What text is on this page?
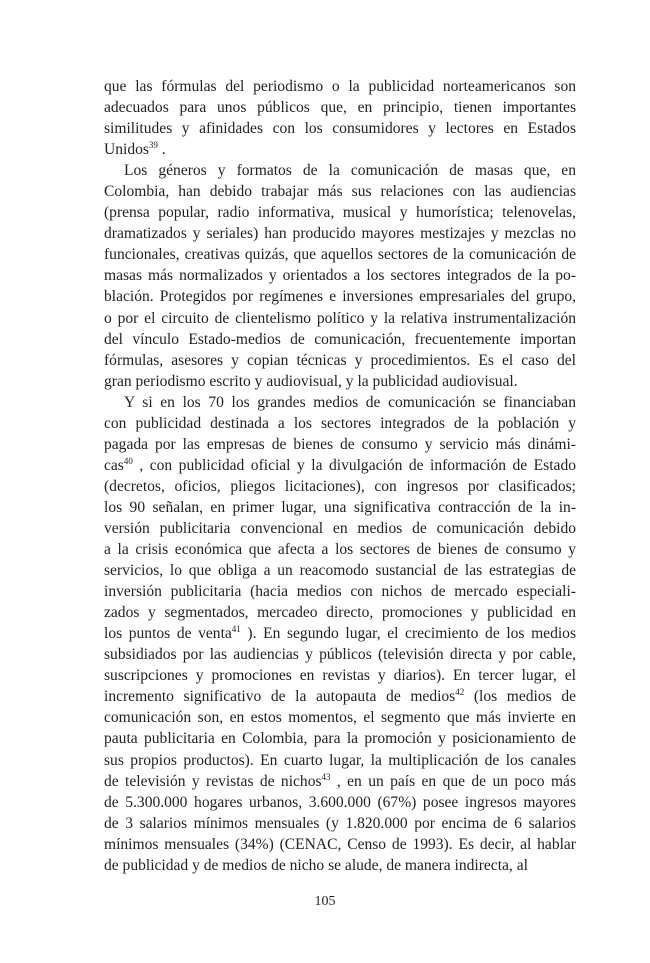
que las fórmulas del periodismo o la publicidad norteamericanos son
adecuados para unos públicos que, en principio, tienen importantes
similitudes y afinidades con los consumidores y lectores en Estados
Unidos$^{39}$ .
Los géneros y formatos de la comunicación de masas que, en
Colombia, han debido trabajar más sus relaciones con las audiencias
(prensa popular, radio informativa, musical y humorística; telenovelas,
dramatizados y seriales) han producido mayores mestizajes y mezclas no
funcionales, creativas quizás, que aquellos sectores de la comunicación de
masas más normalizados y orientados a los sectores integrados de la po-
blación. Protegidos por regímenes e inversiones empresariales del grupo,
o por el circuito de clientelismo político y la relativa instrumentalización
del vínculo Estado-medios de comunicación, frecuentemente importan
fórmulas, asesores y copian técnicas y procedimientos. Es el caso del
gran periodismo escrito y audiovisual, y la publicidad audiovisual.
Y si en los 70 los grandes medios de comunicación se financiaban
con publicidad destinada a los sectores integrados de la población y
pagada por las empresas de bienes de consumo y servicio más dinámi-
cas$^{40}$ , con publicidad oficial y la divulgación de información de Estado
(decretos, oficios, pliegos licitaciones), con ingresos por clasificados;
los 90 señalan, en primer lugar, una significativa contracción de la in-
versión publicitaria convencional en medios de comunicación debido
a la crisis económica que afecta a los sectores de bienes de consumo y
servicios, lo que obliga a un reacomodo sustancial de las estrategias de
inversión publicitaria (hacia medios con nichos de mercado especiali-
zados y segmentados, mercadeo directo, promociones y publicidad en
los puntos de venta$^{41}$ ). En segundo lugar, el crecimiento de los medios
subsidiados por las audiencias y públicos (televisión directa y por cable,
suscripciones y promociones en revistas y diarios). En tercer lugar, el
incremento significativo de la autopauta de medios$^{42}$ (los medios de
comunicación son, en estos momentos, el segmento que más invierte en
pauta publicitaria en Colombia, para la promoción y posicionamiento de
sus propios productos). En cuarto lugar, la multiplicación de los canales
de televisión y revistas de nichos$^{43}$ , en un país en que de un poco más
de 5.300.000 hogares urbanos, 3.600.000 (67%) posee ingresos mayores
de 3 salarios mínimos mensuales (y 1.820.000 por encima de 6 salarios
mínimos mensuales (34%) (CENAC, Censo de 1993). Es decir, al hablar
de publicidad y de medios de nicho se alude, de manera indirecta, al

105
